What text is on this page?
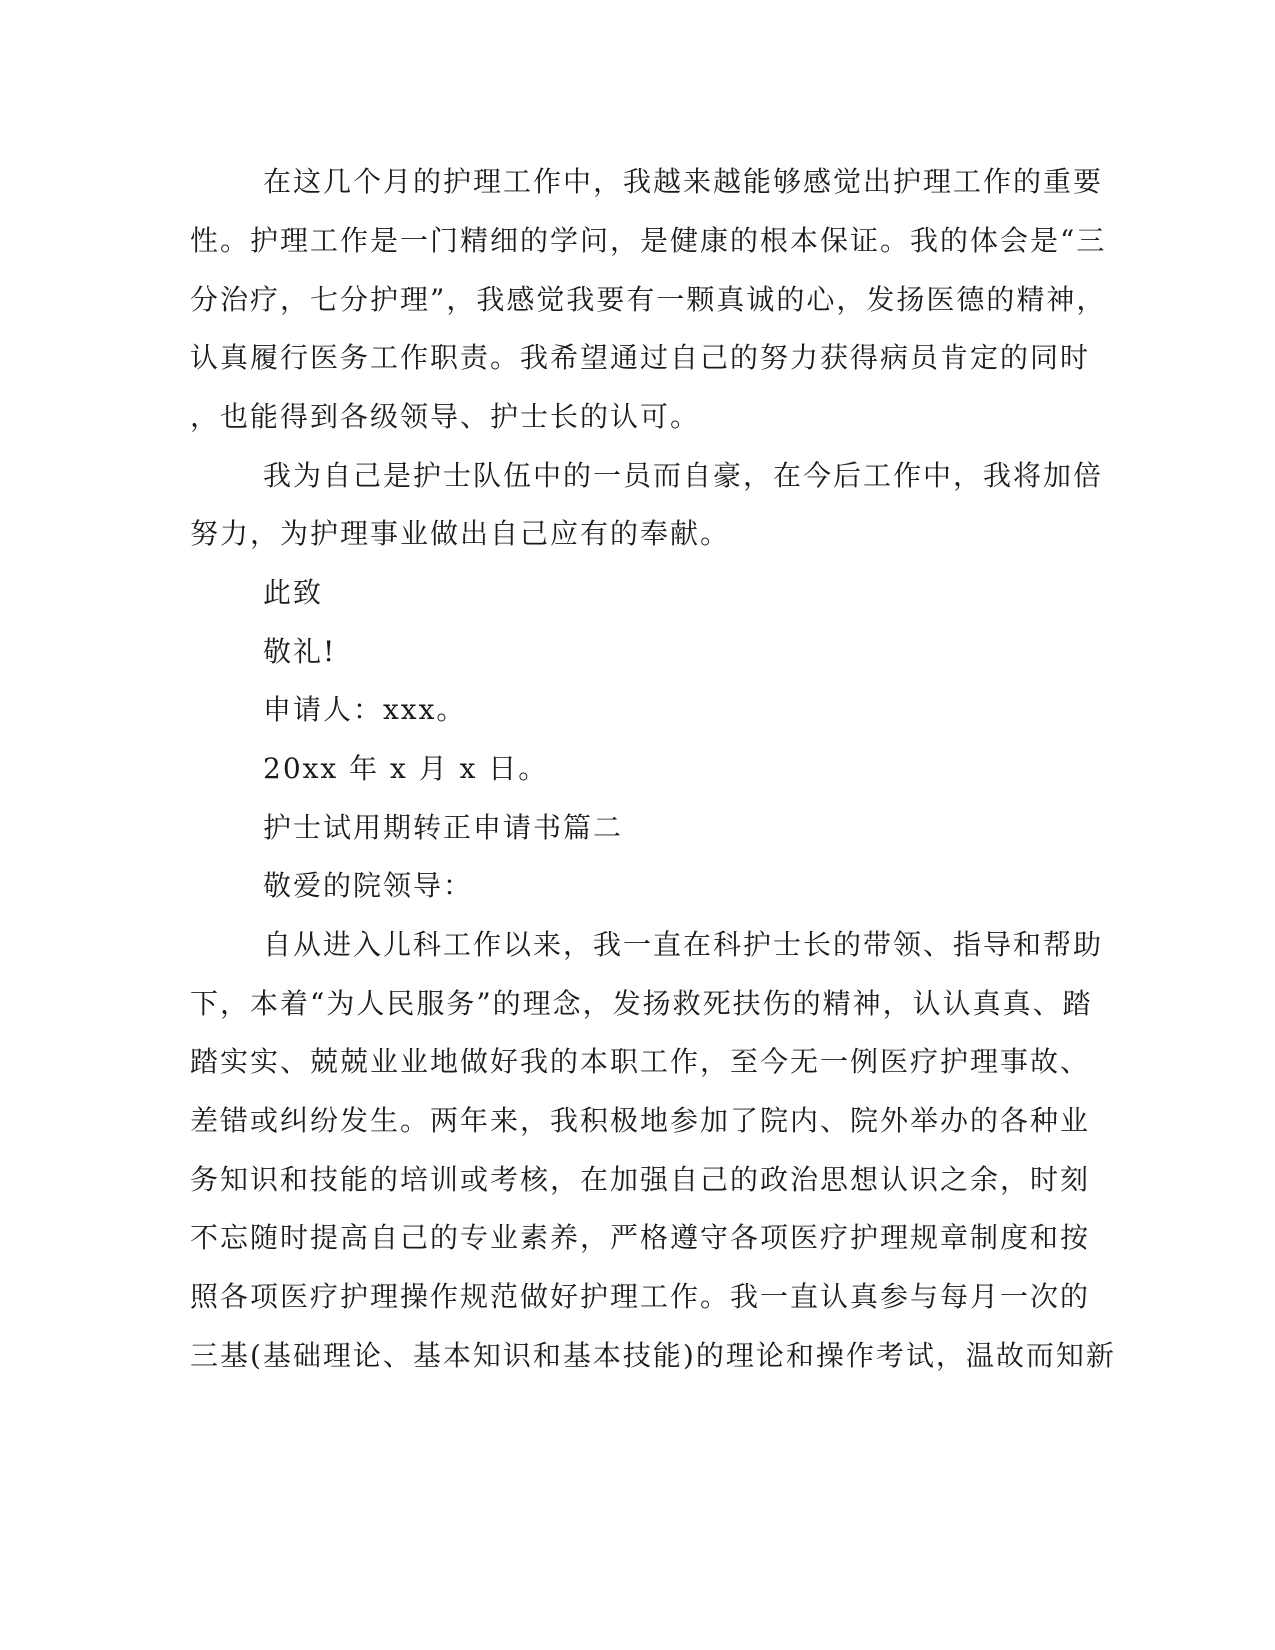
在这几个月的护理工作中，我越来越能够感觉出护理工作的重要
性。护理工作是一门精细的学问，是健康的根本保证。我的体会是“三
分治疗，七分护理”，我感觉我要有一颗真诚的心，发扬医德的精神，
认真履行医务工作职责。我希望通过自己的努力获得病员肯定的同时
，也能得到各级领导、护士长的认可。
我为自己是护士队伍中的一员而自豪，在今后工作中，我将加倍
努力，为护理事业做出自己应有的奉献。
此致
敬礼!
申请人：xxx。
20xx 年 x 月 x 日。
护士试用期转正申请书篇二
敬爱的院领导：
自从进入儿科工作以来，我一直在科护士长的带领、指导和帮助
下，本着“为人民服务”的理念，发扬救死扶伤的精神，认认真真、踏
踏实实、兢兢业业地做好我的本职工作，至今无一例医疗护理事故、
差错或纠纷发生。两年来，我积极地参加了院内、院外举办的各种业
务知识和技能的培训或考核，在加强自己的政治思想认识之余，时刻
不忘随时提高自己的专业素养，严格遵守各项医疗护理规章制度和按
照各项医疗护理操作规范做好护理工作。我一直认真参与每月一次的
三基(基础理论、基本知识和基本技能)的理论和操作考试，温故而知新
